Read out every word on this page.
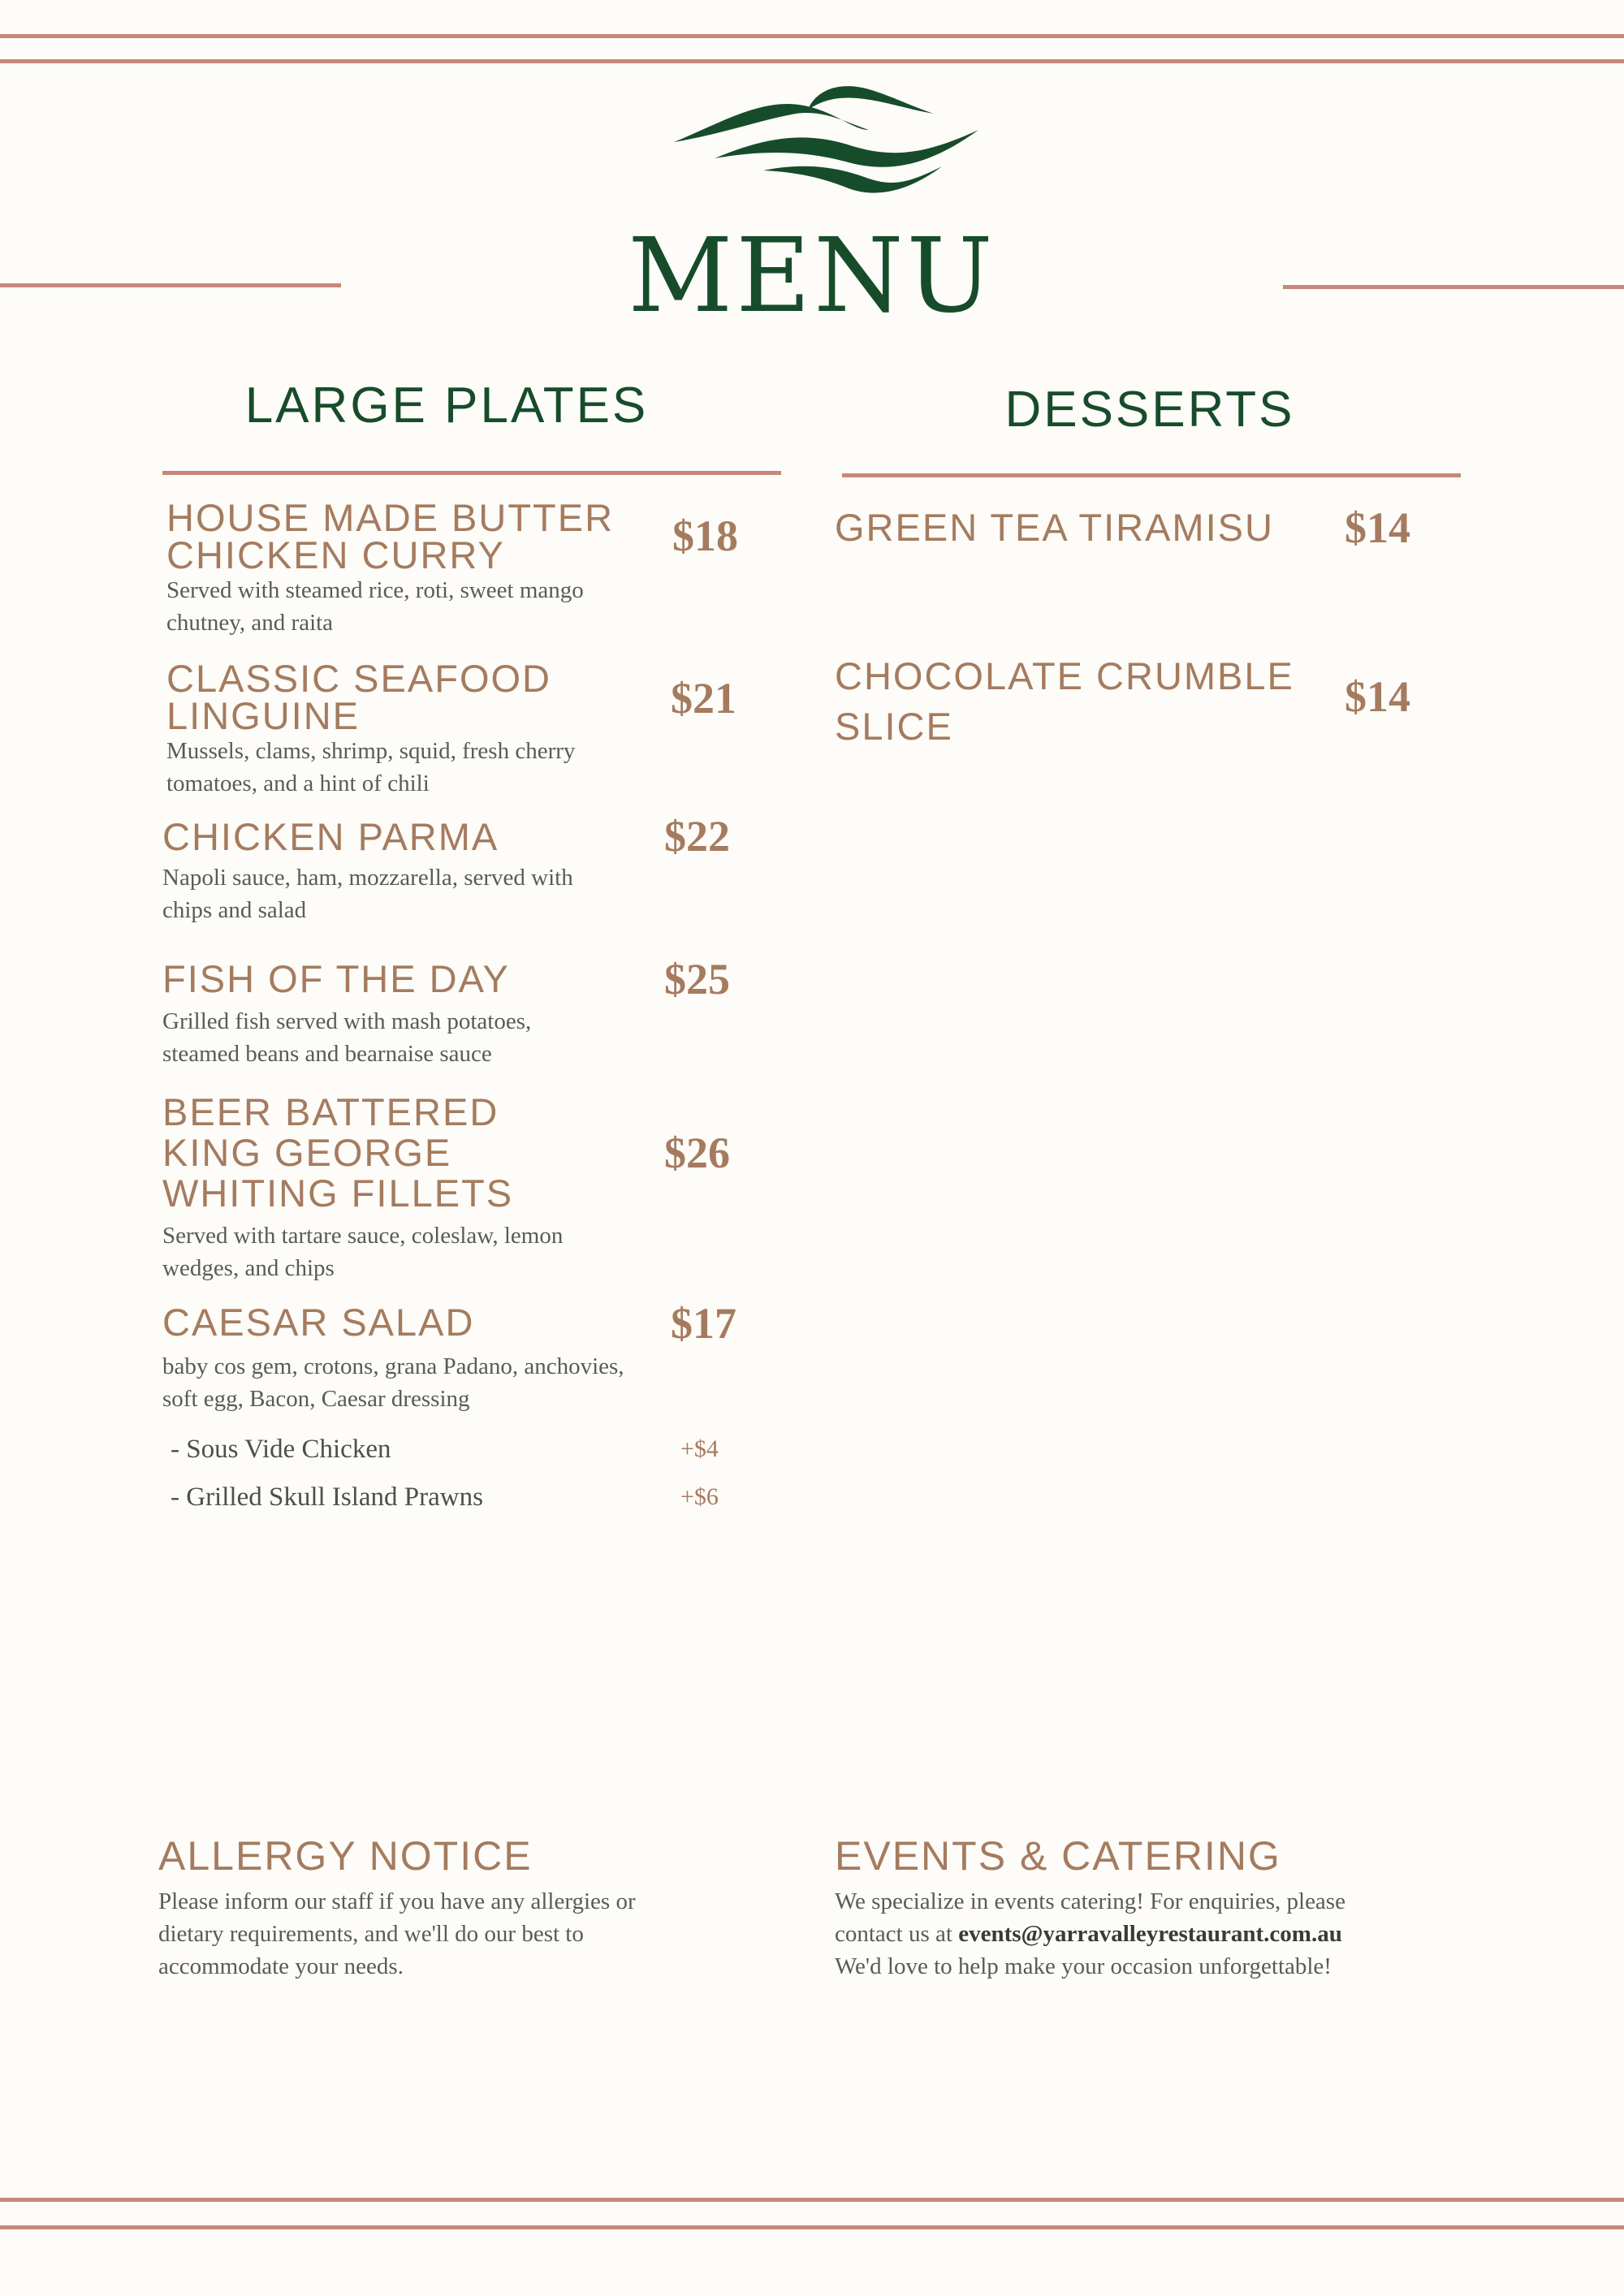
MENU
LARGE PLATES
HOUSE MADE BUTTER
CHICKEN CURRY	$18
Served with steamed rice, roti, sweet mango
chutney, and raita
CLASSIC SEAFOOD
LINGUINE	$21
Mussels, clams, shrimp, squid, fresh cherry
tomatoes, and a hint of chili
CHICKEN PARMA	$22
Napoli sauce, ham, mozzarella, served with
chips and salad
FISH OF THE DAY	$25
Grilled fish served with mash potatoes,
steamed beans and bearnaise sauce
BEER BATTERED
KING GEORGE
WHITING FILLETS
$26
Served with tartare sauce, coleslaw, lemon
wedges, and chips
CAESAR SALAD	$17
baby cos gem, crotons, grana Padano, anchovies,
soft egg, Bacon, Caesar dressing
- Sous Vide Chicken	+$4
- Grilled Skull Island Prawns	+$6
DESSERTS
GREEN TEA TIRAMISU $14
CHOCOLATE CRUMBLE
SLICE
$14
ALLERGY NOTICE
Please inform our staff if you have any allergies or
dietary requirements, and we'll do our best to
accommodate your needs.
EVENTS & CATERING
We specialize in events catering! For enquiries, please
contact us at events@yarravalleyrestaurant.com.au
We'd love to help make your occasion unforgettable!
